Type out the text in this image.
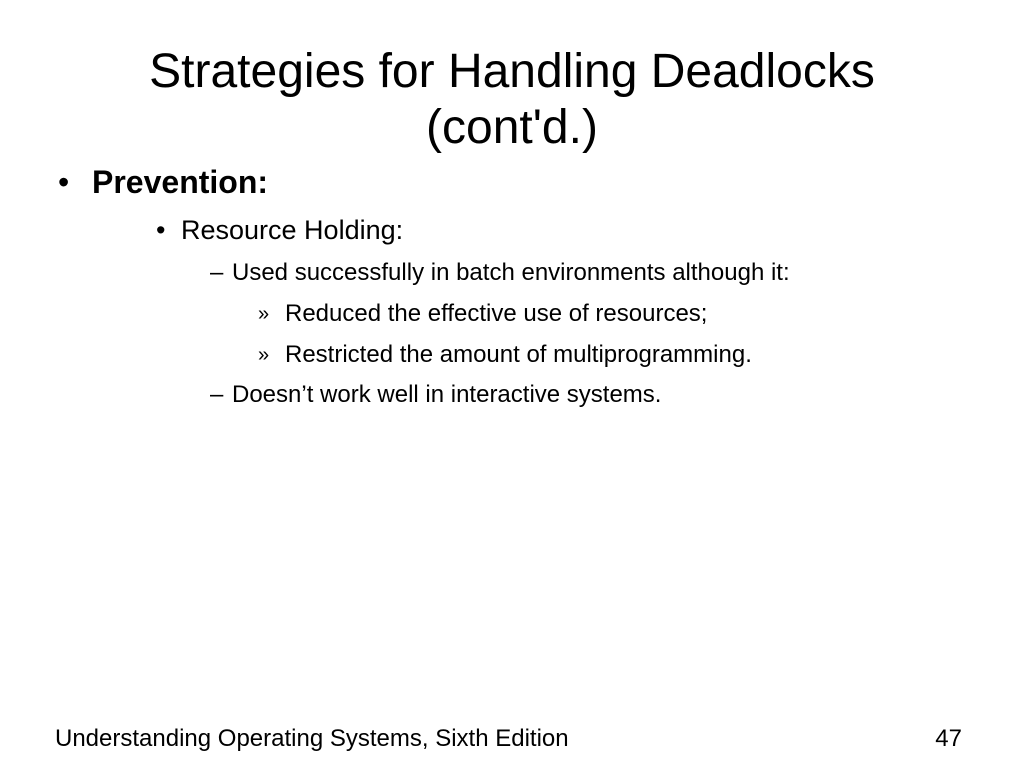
Strategies for Handling Deadlocks
(cont'd.)
• Prevention:
• Resource Holding:
– Used successfully in batch environments although it:
» Reduced the effective use of resources;
» Restricted the amount of multiprogramming.
– Doesn’t work well in interactive systems.
Understanding Operating Systems, Sixth Edition	47
